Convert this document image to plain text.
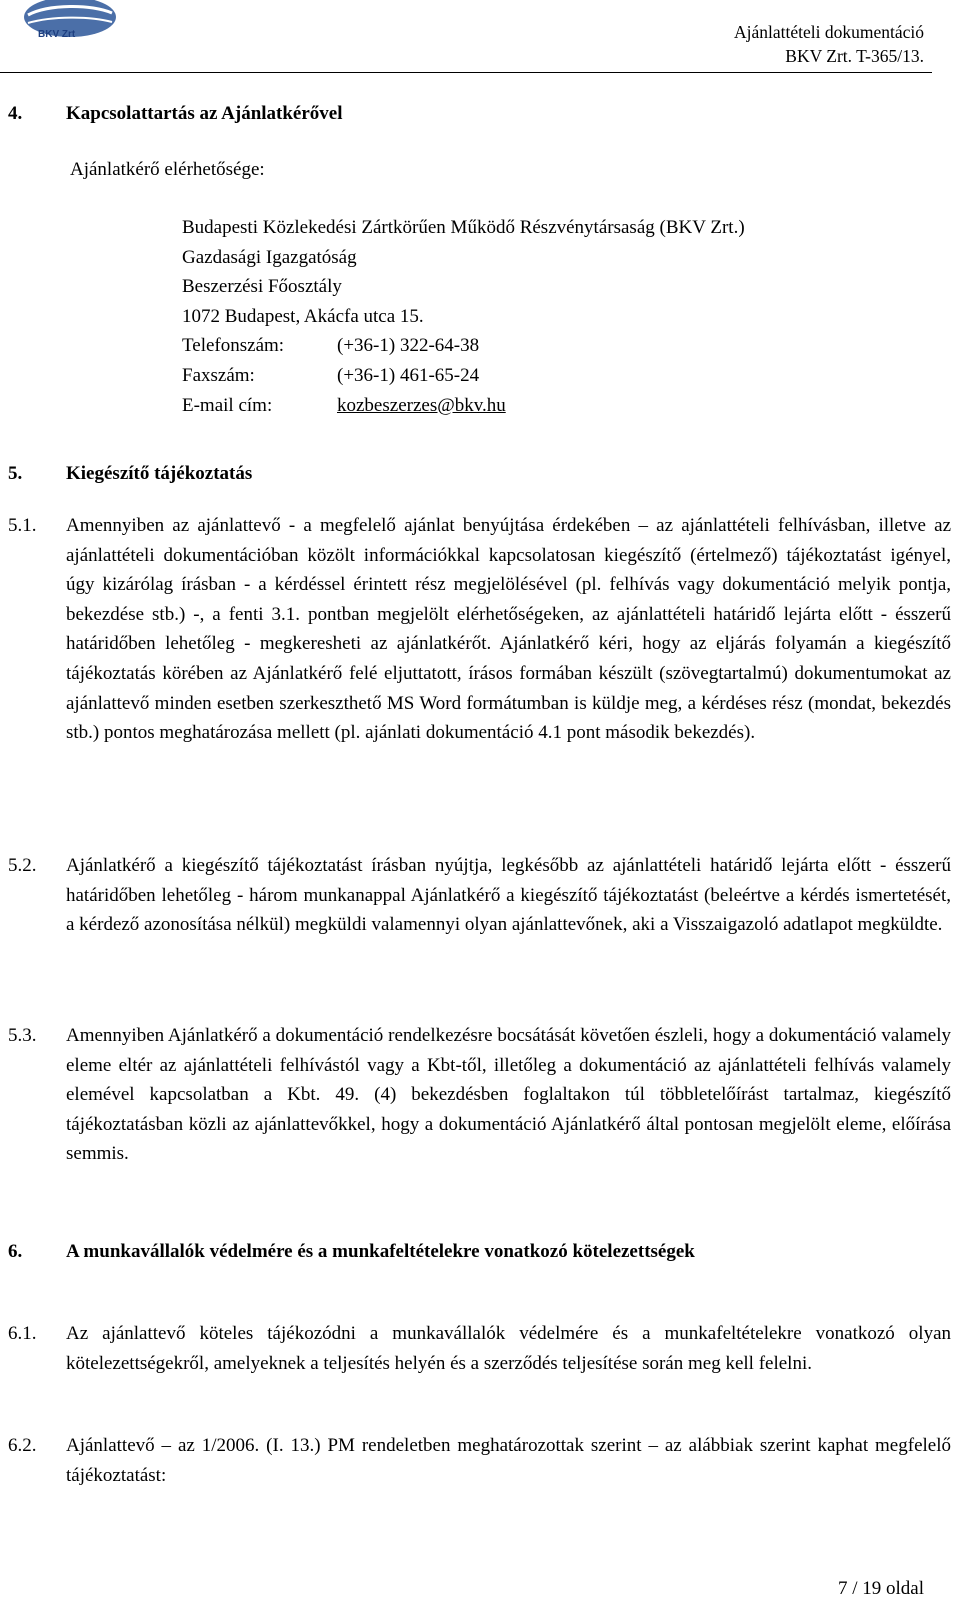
BKV Zrt	Ajánlattételi dokumentáció
BKV Zrt. T-365/13.
4. Kapcsolattartás az Ajánlatkérővel
Ajánlatkérő elérhetősége:
Budapesti Közlekedési Zártkörűen Működő Részvénytársaság (BKV Zrt.)
Gazdasági Igazgatóság
Beszerzési Főosztály
1072 Budapest, Akácfa utca 15.
Telefonszám:	(+36-1) 322-64-38
Faxszám:	(+36-1) 461-65-24
E-mail cím:	kozbeszerzes@bkv.hu
5. Kiegészítő tájékoztatás
5.1. Amennyiben az ajánlattevő - a megfelelő ajánlat benyújtása érdekében – az ajánlattételi felhívásban, illetve az ajánlattételi dokumentációban közölt információkkal kapcsolatosan kiegészítő (értelmező) tájékoztatást igényel, úgy kizárólag írásban - a kérdéssel érintett rész megjelölésével (pl. felhívás vagy dokumentáció melyik pontja, bekezdése stb.) -, a fenti 3.1. pontban megjelölt elérhetőségeken, az ajánlattételi határidő lejárta előtt - ésszerű határidőben lehetőleg - megkeresheti az ajánlatkérőt. Ajánlatkérő kéri, hogy az eljárás folyamán a kiegészítő tájékoztatás körében az Ajánlatkérő felé eljuttatott, írásos formában készült (szövegtartalmú) dokumentumokat az ajánlattevő minden esetben szerkeszthető MS Word formátumban is küldje meg, a kérdéses rész (mondat, bekezdés stb.) pontos meghatározása mellett (pl. ajánlati dokumentáció 4.1 pont második bekezdés).
5.2. Ajánlatkérő a kiegészítő tájékoztatást írásban nyújtja, legkésőbb az ajánlattételi határidő lejárta előtt - ésszerű határidőben lehetőleg - három munkanappal Ajánlatkérő a kiegészítő tájékoztatást (beleértve a kérdés ismertetését, a kérdező azonosítása nélkül) megküldi valamennyi olyan ajánlattevőnek, aki a Visszaigazoló adatlapot megküldte.
5.3. Amennyiben Ajánlatkérő a dokumentáció rendelkezésre bocsátását követően észleli, hogy a dokumentáció valamely eleme eltér az ajánlattételi felhívástól vagy a Kbt-től, illetőleg a dokumentáció az ajánlattételi felhívás valamely elemével kapcsolatban a Kbt. 49. (4) bekezdésben foglaltakon túl többletelőírást tartalmaz, kiegészítő tájékoztatásban közli az ajánlattevőkkel, hogy a dokumentáció Ajánlatkérő által pontosan megjelölt eleme, előírása semmis.
6. A munkavállalók védelmére és a munkafeltételekre vonatkozó kötelezettségek
6.1. Az ajánlattevő köteles tájékozódni a munkavállalók védelmére és a munkafeltételekre vonatkozó olyan kötelezettségekről, amelyeknek a teljesítés helyén és a szerződés teljesítése során meg kell felelni.
6.2. Ajánlattevő – az 1/2006. (I. 13.) PM rendeletben meghatározottak szerint – az alábbiak szerint kaphat megfelelő tájékoztatást:
7 / 19 oldal
